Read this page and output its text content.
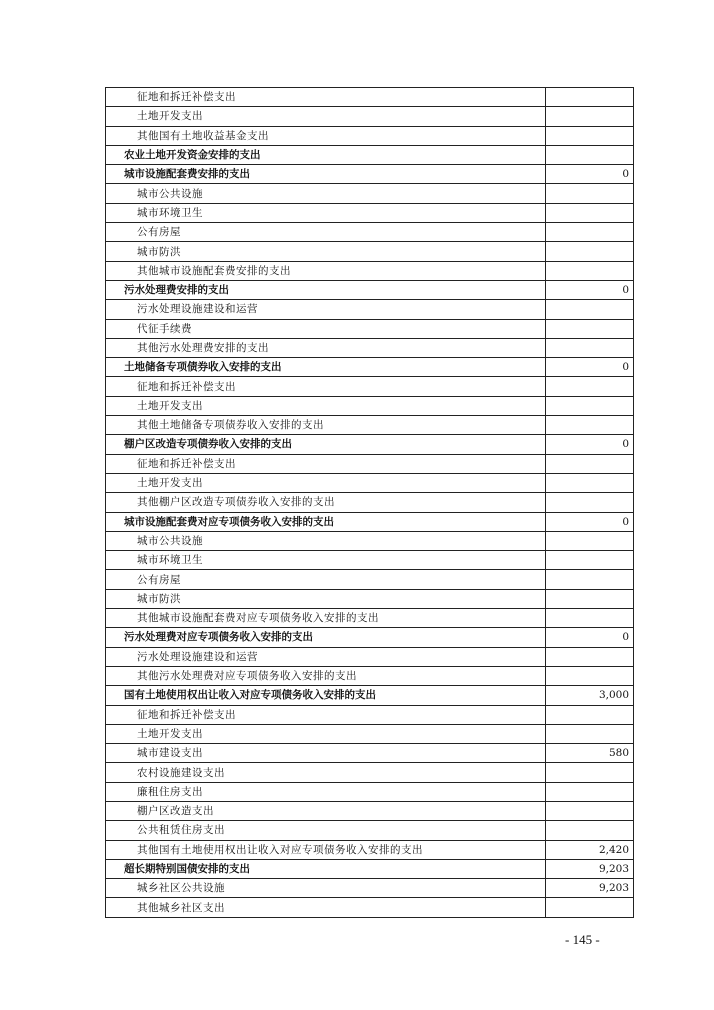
征地和拆迁补偿支出	
土地开发支出	
其他国有土地收益基金支出	
农业土地开发资金安排的支出	
城市设施配套费安排的支出	0
城市公共设施	
城市环境卫生	
公有房屋	
城市防洪	
其他城市设施配套费安排的支出	
污水处理费安排的支出	0
污水处理设施建设和运营	
代征手续费	
其他污水处理费安排的支出	
土地储备专项债券收入安排的支出	0
征地和拆迁补偿支出	
土地开发支出	
其他土地储备专项债券收入安排的支出	
棚户区改造专项债券收入安排的支出	0
征地和拆迁补偿支出	
土地开发支出	
其他棚户区改造专项债券收入安排的支出	
城市设施配套费对应专项债务收入安排的支出	0
城市公共设施	
城市环境卫生	
公有房屋	
城市防洪	
其他城市设施配套费对应专项债务收入安排的支出	
污水处理费对应专项债务收入安排的支出	0
污水处理设施建设和运营	
其他污水处理费对应专项债务收入安排的支出	
国有土地使用权出让收入对应专项债务收入安排的支出	3,000
征地和拆迁补偿支出	
土地开发支出	
城市建设支出	580
农村设施建设支出	
廉租住房支出	
棚户区改造支出	
公共租赁住房支出	
其他国有土地使用权出让收入对应专项债务收入安排的支出	2,420
超长期特别国债安排的支出	9,203
城乡社区公共设施	9,203
其他城乡社区支出	
- 145 -
